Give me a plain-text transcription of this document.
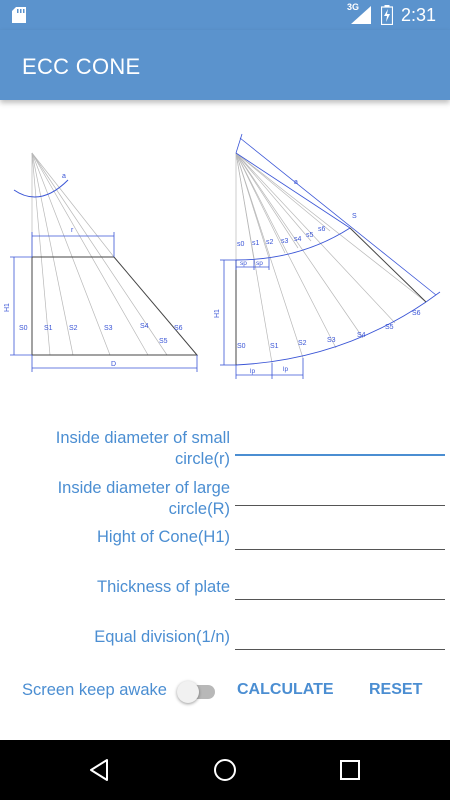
3G 2:31
ECC CONE
a
r
H1
D
S0 S1 S2	S3	S4	S6
S5
S
a
s0 s1 s2 s3 s4
s5
s6
sp sp
H1
S0	S1	S2	S3
S4
S5
S6
lp	lp
Inside diameter of small
circle(r)
Inside diameter of large
circle(R)
Hight of Cone(H1)
Thickness of plate
Equal division(1/n)
Screen keep awake	CALCULATE RESET
